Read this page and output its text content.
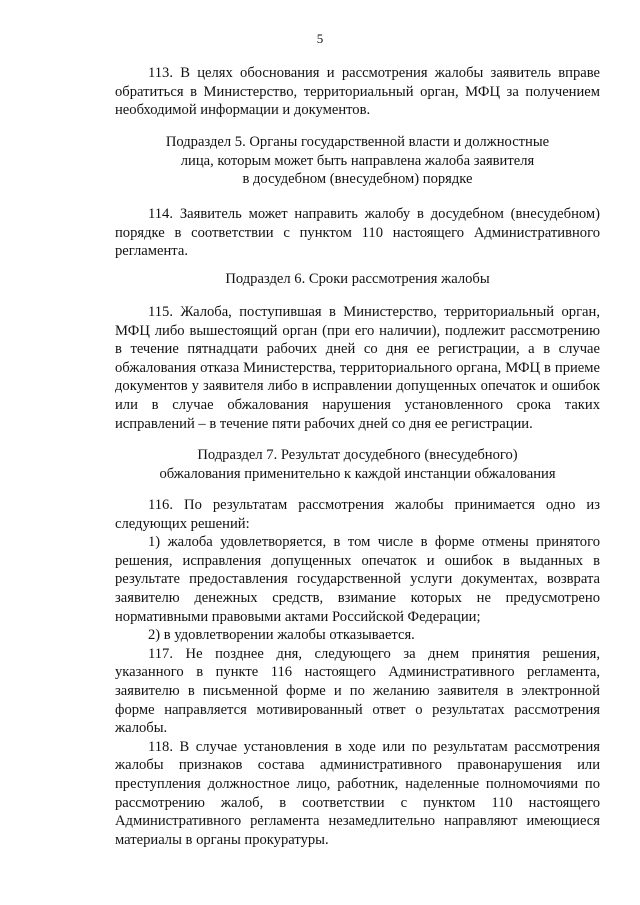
5

113. В целях обоснования и рассмотрения жалобы заявитель вправе обратиться в Министерство, территориальный орган, МФЦ за получением необходимой информации и документов.

Подраздел 5. Органы государственной власти и должностные
лица, которым может быть направлена жалоба заявителя
в досудебном (внесудебном) порядке

114. Заявитель может направить жалобу в досудебном (внесудебном) порядке в соответствии с пунктом 110 настоящего Административного регламента.

Подраздел 6. Сроки рассмотрения жалобы

115. Жалоба, поступившая в Министерство, территориальный орган, МФЦ либо вышестоящий орган (при его наличии), подлежит рассмотрению в течение пятнадцати рабочих дней со дня ее регистрации, а в случае обжалования отказа Министерства, территориального органа, МФЦ в приеме документов у заявителя либо в исправлении допущенных опечаток и ошибок или в случае обжалования нарушения установленного срока таких исправлений – в течение пяти рабочих дней со дня ее регистрации.

Подраздел 7. Результат досудебного (внесудебного)
обжалования применительно к каждой инстанции обжалования

116. По результатам рассмотрения жалобы принимается одно из следующих решений:

1) жалоба удовлетворяется, в том числе в форме отмены принятого решения, исправления допущенных опечаток и ошибок в выданных в результате предоставления государственной услуги документах, возврата заявителю денежных средств, взимание которых не предусмотрено нормативными правовыми актами Российской Федерации;

2) в удовлетворении жалобы отказывается.

117. Не позднее дня, следующего за днем принятия решения, указанного в пункте 116 настоящего Административного регламента, заявителю в письменной форме и по желанию заявителя в электронной форме направляется мотивированный ответ о результатах рассмотрения жалобы.

118. В случае установления в ходе или по результатам рассмотрения жалобы признаков состава административного правонарушения или преступления должностное лицо, работник, наделенные полномочиями по рассмотрению жалоб, в соответствии с пунктом 110 настоящего Административного регламента незамедлительно направляют имеющиеся материалы в органы прокуратуры.
